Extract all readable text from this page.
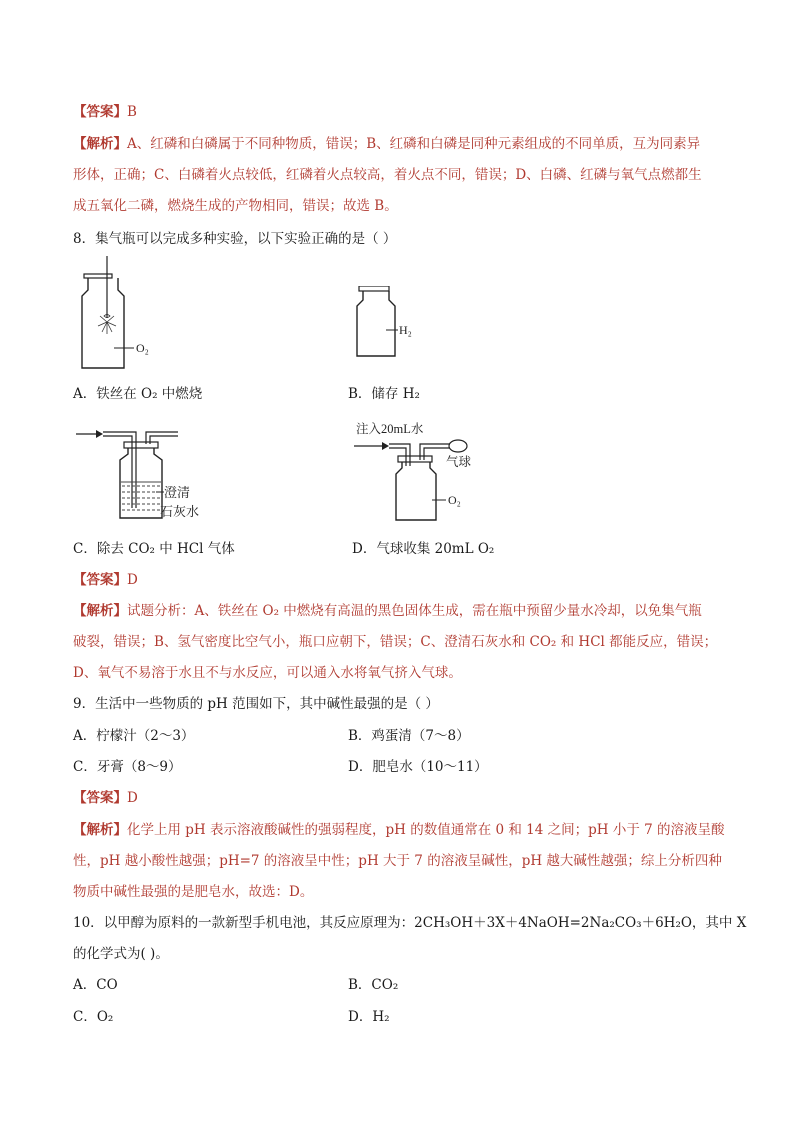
【答案】B
【解析】A、红磷和白磷属于不同种物质，错误；B、红磷和白磷是同种元素组成的不同单质，互为同素异
形体，正确；C、白磷着火点较低，红磷着火点较高，着火点不同，错误；D、白磷、红磷与氧气点燃都生
成五氧化二磷，燃烧生成的产物相同，错误；故选 B。
8．集气瓶可以完成多种实验，以下实验正确的是（ ）
O₂
H₂
A．铁丝在 O₂ 中燃烧	B．储存 H₂
澄清
石灰水
注入20mL水
气球
O₂
C．除去 CO₂ 中 HCl 气体	D．气球收集 20mL O₂
【答案】D
【解析】试题分析：A、铁丝在 O₂ 中燃烧有高温的黑色固体生成，需在瓶中预留少量水冷却，以免集气瓶
破裂，错误；B、氢气密度比空气小，瓶口应朝下，错误；C、澄清石灰水和 CO₂ 和 HCl 都能反应，错误；
D、氧气不易溶于水且不与水反应，可以通入水将氧气挤入气球。
9．生活中一些物质的 pH 范围如下，其中碱性最强的是（ ）
A．柠檬汁（2～3）	B．鸡蛋清（7～8）
C．牙膏（8～9）	D．肥皂水（10～11）
【答案】D
【解析】化学上用 pH 表示溶液酸碱性的强弱程度，pH 的数值通常在 0 和 14 之间；pH 小于 7 的溶液呈酸
性，pH 越小酸性越强；pH=7 的溶液呈中性；pH 大于 7 的溶液呈碱性，pH 越大碱性越强；综上分析四种
物质中碱性最强的是肥皂水，故选：D。
10．以甲醇为原料的一款新型手机电池，其反应原理为：2CH₃OH＋3X＋4NaOH=2Na₂CO₃＋6H₂O，其中 X
的化学式为( )。
A．CO	B．CO₂
C．O₂	D．H₂
